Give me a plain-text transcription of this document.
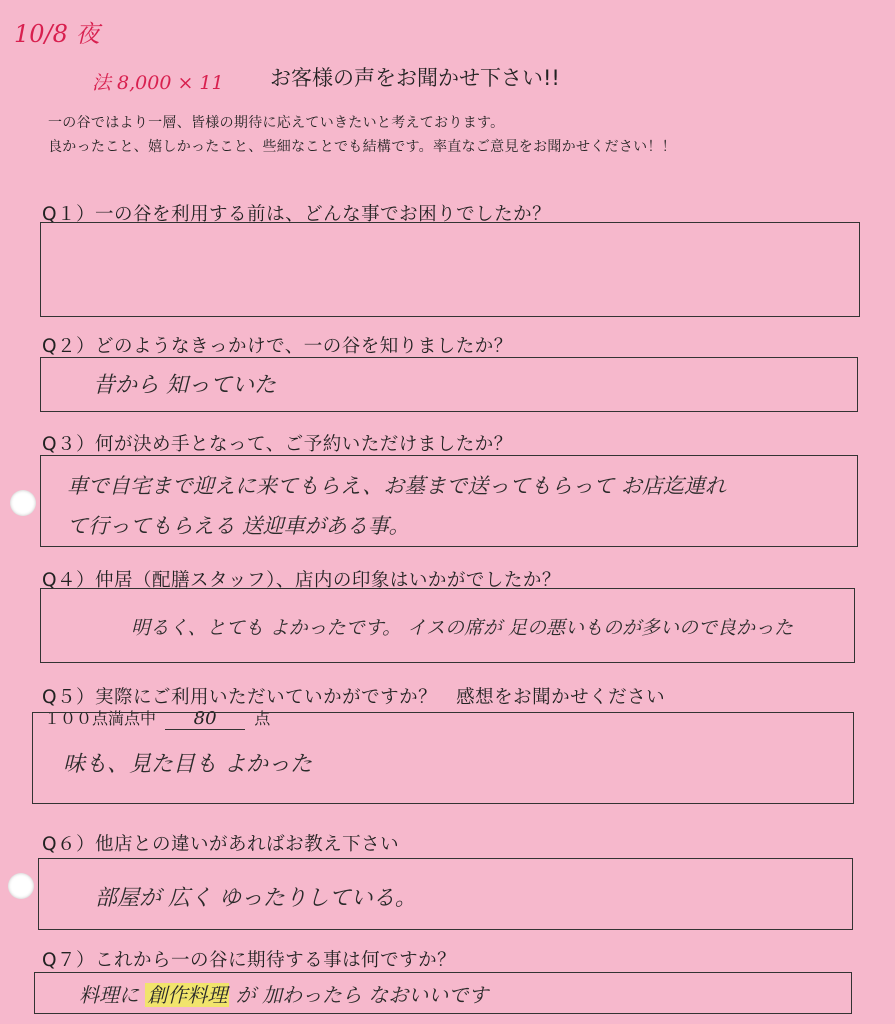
10/8 夜
法 8,000 × 11 お客様の声をお聞かせ下さい!!
一の谷ではより一層、皆様の期待に応えていきたいと考えております。
良かったこと、嬉しかったこと、些細なことでも結構です。率直なご意見をお聞かせください！！
Q１）一の谷を利用する前は、どんな事でお困りでしたか？
Q２）どのようなきっかけで、一の谷を知りましたか？
昔から 知っていた
Q３）何が決め手となって、ご予約いただけましたか？
車で自宅まで迎えに来てもらえ、お墓まで送ってもらって お店迄連れ
て行ってもらえる 送迎車がある事。
Q４）仲居（配膳スタッフ）、店内の印象はいかがでしたか？
明るく、とても よかったです。 イスの席が 足の悪いものが多いので良かった
Q５）実際にご利用いただいていかがですか？　感想をお聞かせください
１００点満点中 80 点
味も、見た目も よかった
Q６）他店との違いがあればお教え下さい
部屋が 広く ゆったりしている。
Q７）これから一の谷に期待する事は何ですか？
料理に 創作料理 が 加わったら なおいいです
